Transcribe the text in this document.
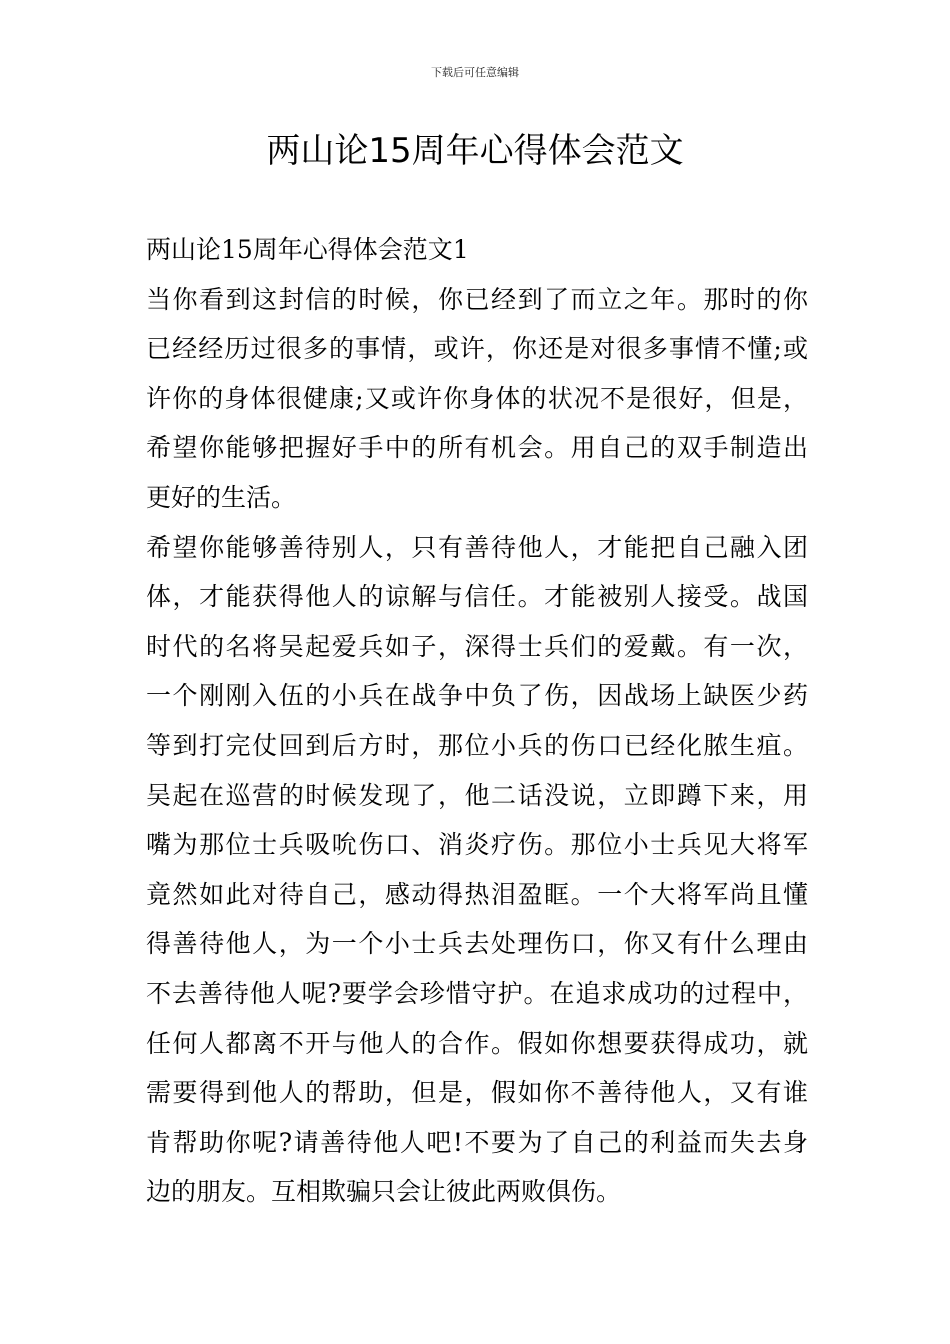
下载后可任意编辑
两山论15周年心得体会范文
两山论15周年心得体会范文1
当你看到这封信的时候，你已经到了而立之年。那时的你
已经经历过很多的事情，或许，你还是对很多事情不懂;或
许你的身体很健康;又或许你身体的状况不是很好，但是，
希望你能够把握好手中的所有机会。用自己的双手制造出
更好的生活。
希望你能够善待别人，只有善待他人，才能把自己融入团
体，才能获得他人的谅解与信任。才能被别人接受。战国
时代的名将吴起爱兵如子，深得士兵们的爱戴。有一次，
一个刚刚入伍的小兵在战争中负了伤，因战场上缺医少药
等到打完仗回到后方时，那位小兵的伤口已经化脓生疽。
吴起在巡营的时候发现了，他二话没说，立即蹲下来，用
嘴为那位士兵吸吮伤口、消炎疗伤。那位小士兵见大将军
竟然如此对待自己，感动得热泪盈眶。一个大将军尚且懂
得善待他人，为一个小士兵去处理伤口，你又有什么理由
不去善待他人呢?要学会珍惜守护。在追求成功的过程中，
任何人都离不开与他人的合作。假如你想要获得成功，就
需要得到他人的帮助，但是，假如你不善待他人，又有谁
肯帮助你呢?请善待他人吧!不要为了自己的利益而失去身
边的朋友。互相欺骗只会让彼此两败俱伤。
